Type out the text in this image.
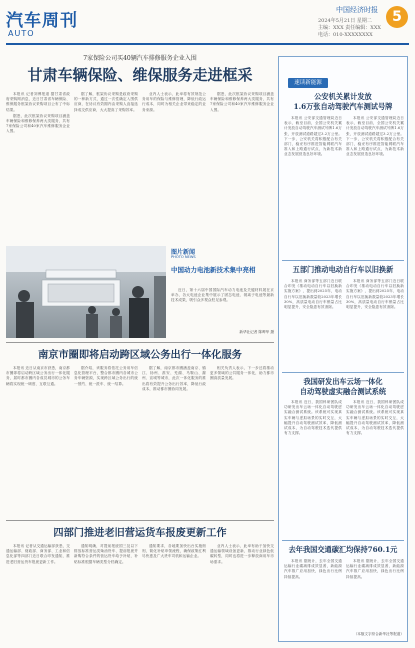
汽车周刊
AUTO
中国经济时报
2024年5月21日 星期二
主编：XXX 责任编辑：XXX
电话：010-XXXXXXXX
5
7家保险公司买40辆汽车排修服务企业入围
甘肃车辆保险、维保服务走进框采

本报讯 记者刘博报道 据甘肃省政府采购网消息，近日甘肃省车辆保险、维保服务框架协议采购项目公布了中标结果。

据悉，此次框架协议采购项目涵盖车辆保险和维修保养两大类服务，共有7家保险公司和40家汽车维修服务企业入围。

据了解，框架协议采购是政府采购的一种新方式，通过一次性确定入围供应商，在协议有效期内由采购人直接选择成交供应商，大大提高了采购效率。

业内人士表示，此举将有效规范公务用车的保险与维修管理，降低行政运行成本，同时为相关企业带来稳定的业务来源。

据悉，此次框架协议采购项目涵盖车辆保险和维修保养两大类服务，共有7家保险公司和40家汽车维修服务企业入围。

图片新闻
PHOTO NEWS
中国动力电池新技术集中亮相

近日，第十六届中国国际汽车动力电池及关键材料展在京举办，各大电池企业集中展示了固态电池、钠离子电池等最新技术成果，吸引众多观众驻足参观。

新华社记者 陈晔华 摄
南京市圈即将启动跨区域公务出行一体化服务

本报讯 近日从南京市获悉，南京都市圈即将启动跨区域公务出行一体化服务，届时都市圈内各成员城市的公务车辆将实现统一调度、互联互通。

据介绍，该服务将依托公务用车信息化管理平台，整合都市圈内各城市公务车辆资源，实现跨区域公务出行的统一预约、统一派车、统一结算。

据了解，南京都市圈涵盖南京、镇江、扬州、淮安、芜湖、马鞍山、滁州、宣城等城市，此次一体化服务的推出将有效提升公务出行效率，降低行政成本，推动都市圈协同发展。

相关负责人表示，下一步还将推动更多领域的公共服务一体化，助力都市圈高质量发展。

四部门推进老旧营运货车报废更新工作

本报讯 记者从交通运输部获悉，交通运输部、财政部、商务部、工业和信息化部等四部门近日联合印发通知，推进老旧营运货车报废更新工作。

通知明确，对提前报废国三及以下排放标准营运类柴油货车、提前报废并新购符合条件的营运货车给予补贴，补贴标准根据车辆类型分档确定。

通知要求，各地要加快出台实施细则，简化补贴申领流程，确保政策红利尽快惠及广大货车司机和运输企业。

业内人士表示，此举有助于加快交通运输领域设备更新，推动行业绿色低碳转型，同时也将进一步释放商用车市场需求。

速读新能源
公安机关累计发放
1.6万张自动驾驶汽车测试号牌

本报讯 公安部交通管理局近日表示，截至目前，全国公安机关累计发放自动驾驶汽车测试号牌1.6万张，开放测试道路超过3.2万公里。下一步，公安机关将积极配合有关部门，稳妥有序推进智能网联汽车准入和上路通行试点，为新技术新业态发展营造良好环境。

本报讯 公安部交通管理局近日表示，截至目前，全国公安机关累计发放自动驾驶汽车测试号牌1.6万张，开放测试道路超过3.2万公里。下一步，公安机关将积极配合有关部门，稳妥有序推进智能网联汽车准入和上路通行试点，为新技术新业态发展营造良好环境。

五部门推动电动自行车以旧换新

本报讯 商务部等五部门近日联合印发《推动电动自行车以旧换新实施方案》，提出到2025年，电动自行车以旧换新数量较2023年增长30%，高质量电动自行车销量占比明显提升，安全隐患有效消除。

本报讯 商务部等五部门近日联合印发《推动电动自行车以旧换新实施方案》，提出到2025年，电动自行车以旧换新数量较2023年增长30%，高质量电动自行车销量占比明显提升，安全隐患有效消除。

我国研发出车云场一体化
自动驾驶虚实融合测试系统

本报讯 近日，我国科研团队成功研发出车云场一体化自动驾驶虚实融合测试系统。该系统可实现真实车辆与虚拟场景的实时交互，大幅提升自动驾驶测试效率，降低测试成本，为自动驾驶技术迭代提供有力支撑。

本报讯 近日，我国科研团队成功研发出车云场一体化自动驾驶虚实融合测试系统。该系统可实现真实车辆与虚拟场景的实时交互，大幅提升自动驾驶测试效率，降低测试成本，为自动驾驶技术迭代提供有力支撑。

去年我国交通碳汇均保持760.1元

本报讯 据统计，去年全国交通运输行业碳减排成效显著，新能源汽车推广应用加快，绿色出行比例持续提高。

本报讯 据统计，去年全国交通运输行业碳减排成效显著，新能源汽车推广应用加快，绿色出行比例持续提高。

（本版文字综合新华社等报道）
